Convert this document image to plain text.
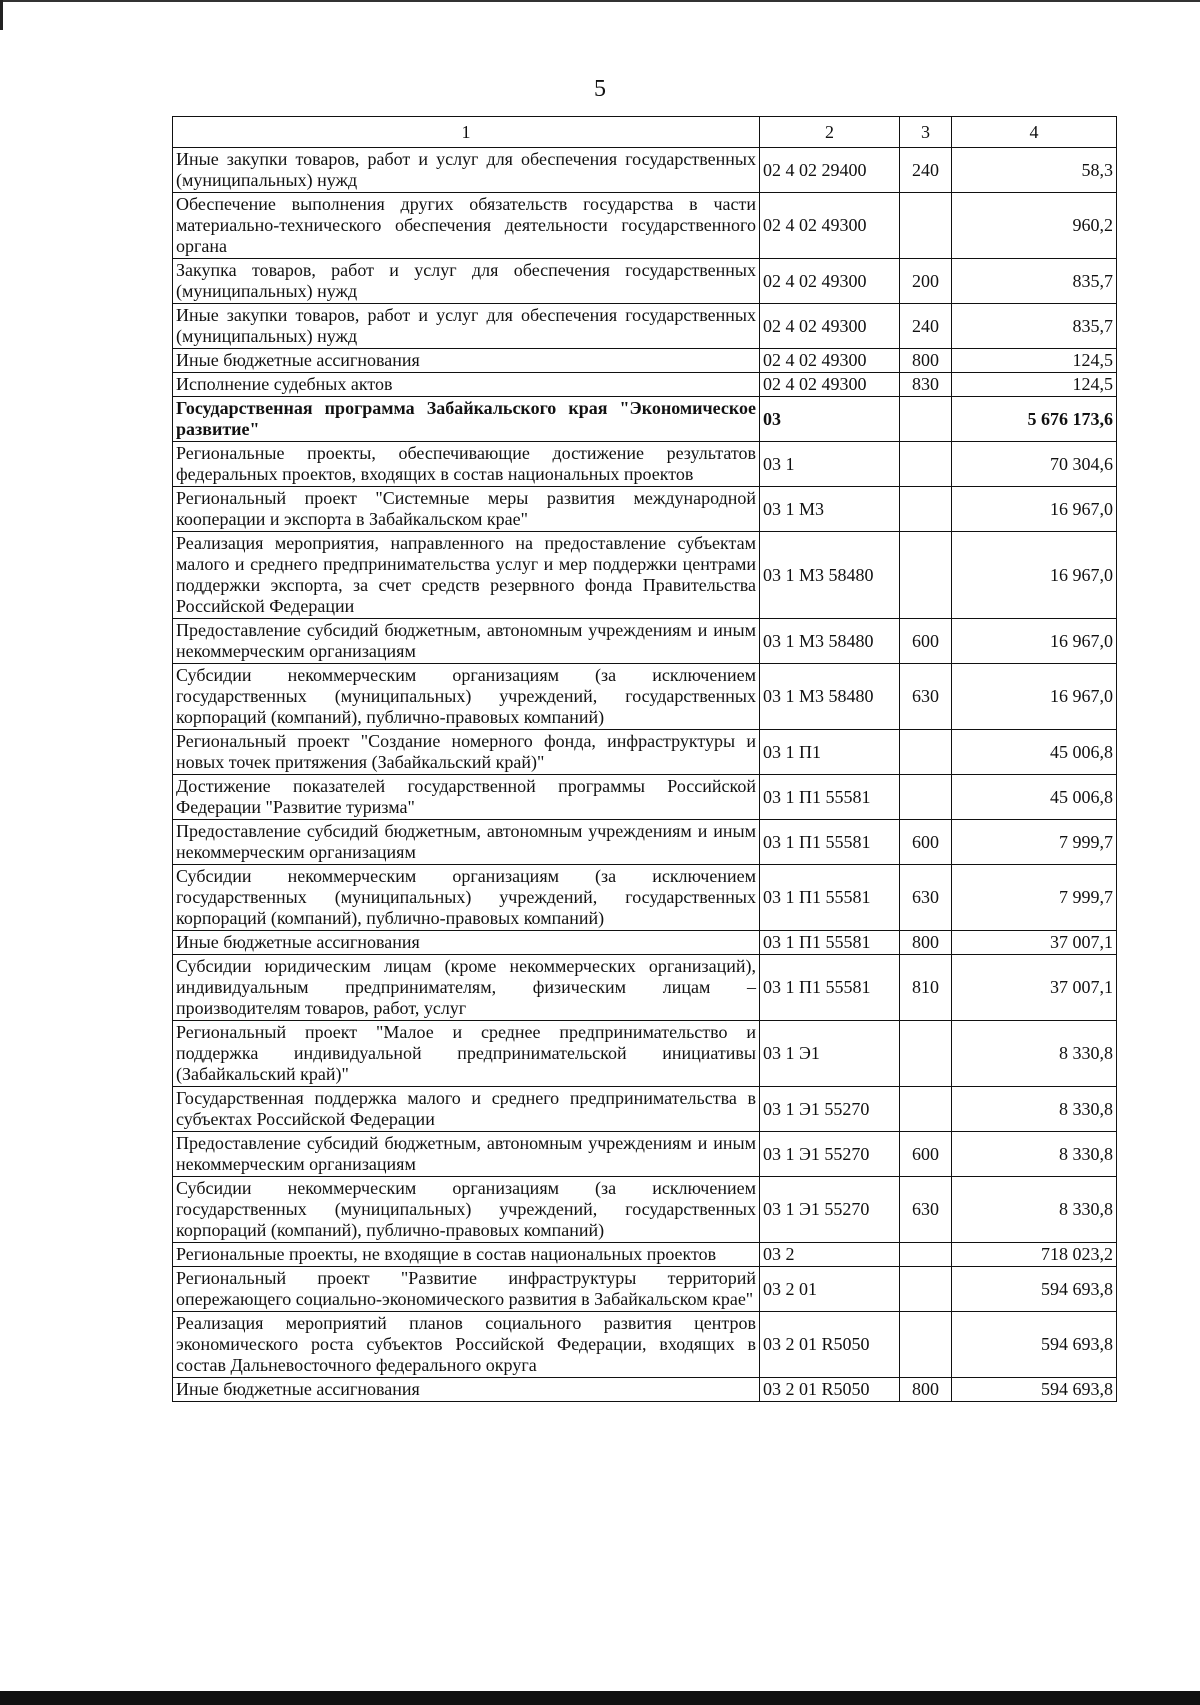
5
1	2	3	4
Иные закупки товаров, работ и услуг для обеспечения государственных (муниципальных) нужд	02 4 02 29400	240	58,3
Обеспечение выполнения других обязательств государства в части материально-технического обеспечения деятельности государственного органа	02 4 02 49300		960,2
Закупка товаров, работ и услуг для обеспечения государственных (муниципальных) нужд	02 4 02 49300	200	835,7
Иные закупки товаров, работ и услуг для обеспечения государственных (муниципальных) нужд	02 4 02 49300	240	835,7
Иные бюджетные ассигнования	02 4 02 49300	800	124,5
Исполнение судебных актов	02 4 02 49300	830	124,5
Государственная программа Забайкальского края "Экономическое развитие"	03		5 676 173,6
Региональные проекты, обеспечивающие достижение результатов федеральных проектов, входящих в состав национальных проектов	03 1		70 304,6
Региональный проект "Системные меры развития международной кооперации и экспорта в Забайкальском крае"	03 1 М3		16 967,0
Реализация мероприятия, направленного на предоставление субъектам малого и среднего предпринимательства услуг и мер поддержки центрами поддержки экспорта, за счет средств резервного фонда Правительства Российской Федерации	03 1 М3 58480		16 967,0
Предоставление субсидий бюджетным, автономным учреждениям и иным некоммерческим организациям	03 1 М3 58480	600	16 967,0
Субсидии некоммерческим организациям (за исключением государственных (муниципальных) учреждений, государственных корпораций (компаний), публично-правовых компаний)	03 1 М3 58480	630	16 967,0
Региональный проект "Создание номерного фонда, инфраструктуры и новых точек притяжения (Забайкальский край)"	03 1 П1		45 006,8
Достижение показателей государственной программы Российской Федерации "Развитие туризма"	03 1 П1 55581		45 006,8
Предоставление субсидий бюджетным, автономным учреждениям и иным некоммерческим организациям	03 1 П1 55581	600	7 999,7
Субсидии некоммерческим организациям (за исключением государственных (муниципальных) учреждений, государственных корпораций (компаний), публично-правовых компаний)	03 1 П1 55581	630	7 999,7
Иные бюджетные ассигнования	03 1 П1 55581	800	37 007,1
Субсидии юридическим лицам (кроме некоммерческих организаций), индивидуальным предпринимателям, физическим лицам – производителям товаров, работ, услуг	03 1 П1 55581	810	37 007,1
Региональный проект "Малое и среднее предпринимательство и поддержка индивидуальной предпринимательской инициативы (Забайкальский край)"	03 1 Э1		8 330,8
Государственная поддержка малого и среднего предпринимательства в субъектах Российской Федерации	03 1 Э1 55270		8 330,8
Предоставление субсидий бюджетным, автономным учреждениям и иным некоммерческим организациям	03 1 Э1 55270	600	8 330,8
Субсидии некоммерческим организациям (за исключением государственных (муниципальных) учреждений, государственных корпораций (компаний), публично-правовых компаний)	03 1 Э1 55270	630	8 330,8
Региональные проекты, не входящие в состав национальных проектов	03 2		718 023,2
Региональный проект "Развитие инфраструктуры территорий опережающего социально-экономического развития в Забайкальском крае"	03 2 01		594 693,8
Реализация мероприятий планов социального развития центров экономического роста субъектов Российской Федерации, входящих в состав Дальневосточного федерального округа	03 2 01 R5050		594 693,8
Иные бюджетные ассигнования	03 2 01 R5050	800	594 693,8
